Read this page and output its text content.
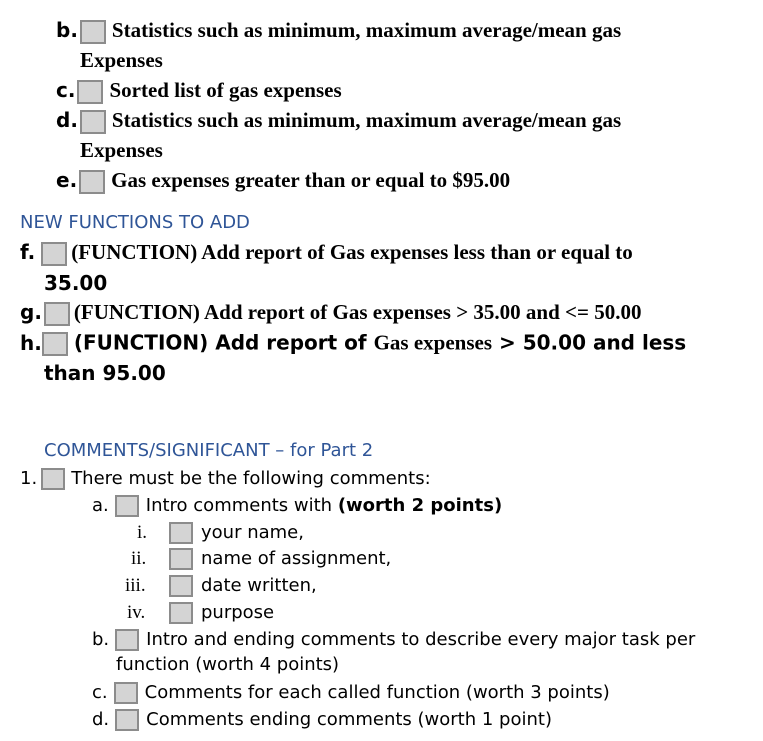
b. Statistics such as minimum, maximum average/mean gas
Expenses
c. Sorted list of gas expenses
d. Statistics such as minimum, maximum average/mean gas
Expenses
e. Gas expenses greater than or equal to $95.00
NEW FUNCTIONS TO ADD
f. (FUNCTION) Add report of Gas expenses less than or equal to
35.00
g. (FUNCTION) Add report of Gas expenses > 35.00 and <= 50.00
h. (FUNCTION) Add report of Gas expenses > 50.00 and less
than 95.00
COMMENTS/SIGNIFICANT – for Part 2
1. There must be the following comments:
a. Intro comments with (worth 2 points)
i.	your name,
ii.	name of assignment,
iii.	date written,
iv.	purpose
b. Intro and ending comments to describe every major task per
function (worth 4 points)
c. Comments for each called function (worth 3 points)
d. Comments ending comments (worth 1 point)
